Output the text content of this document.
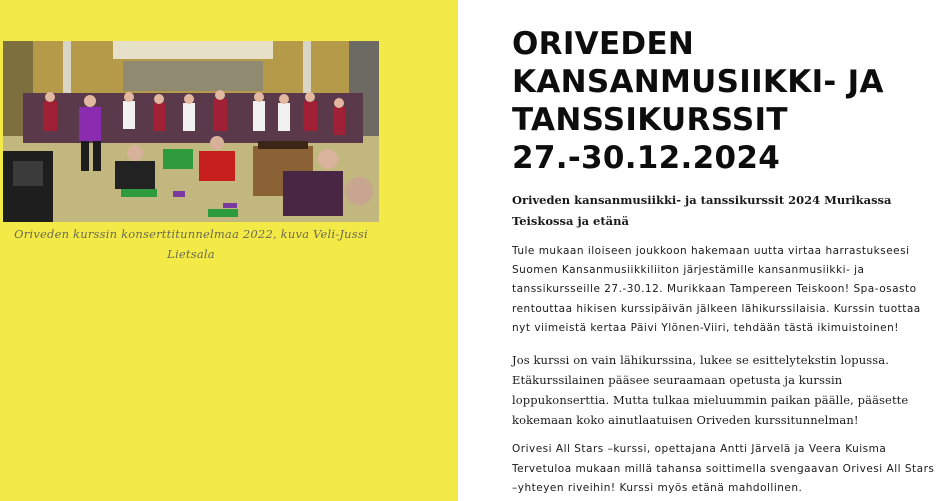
Oriveden kurssin konserttitunnelmaa 2022, kuva Veli-Jussi Lietsala
ORIVEDEN KANSANMUSIIKKI- JA TANSSIKURSSIT 27.-30.12.2024
Oriveden kansanmusiikki- ja tanssikurssit 2024 Murikassa Teiskossa ja etänä

Tule mukaan iloiseen joukkoon hakemaan uutta virtaa harrastukseesi Suomen Kansanmusiikkiliiton järjestämille kansanmusiikki- ja tanssikursseille 27.-30.12. Murikkaan Tampereen Teiskoon! Spa-osasto rentouttaa hikisen kurssipäivän jälkeen lähikurssilaisia. Kurssin tuottaa nyt viimeistä kertaa Päivi Ylönen-Viiri, tehdään tästä ikimuistoinen!

Jos kurssi on vain lähikurssina, lukee se esittelytekstin lopussa. Etäkurssilainen pääsee seuraamaan opetusta ja kurssin loppukonserttia. Mutta tulkaa mieluummin paikan päälle, pääsette kokemaan koko ainutlaatuisen Oriveden kurssitunnelman!

Orivesi All Stars –kurssi, opettajana Antti Järvelä ja Veera Kuisma
Tervetuloa mukaan millä tahansa soittimella svengaavan Orivesi All Stars –yhteyen riveihin! Kurssi myös etänä mahdollinen.
